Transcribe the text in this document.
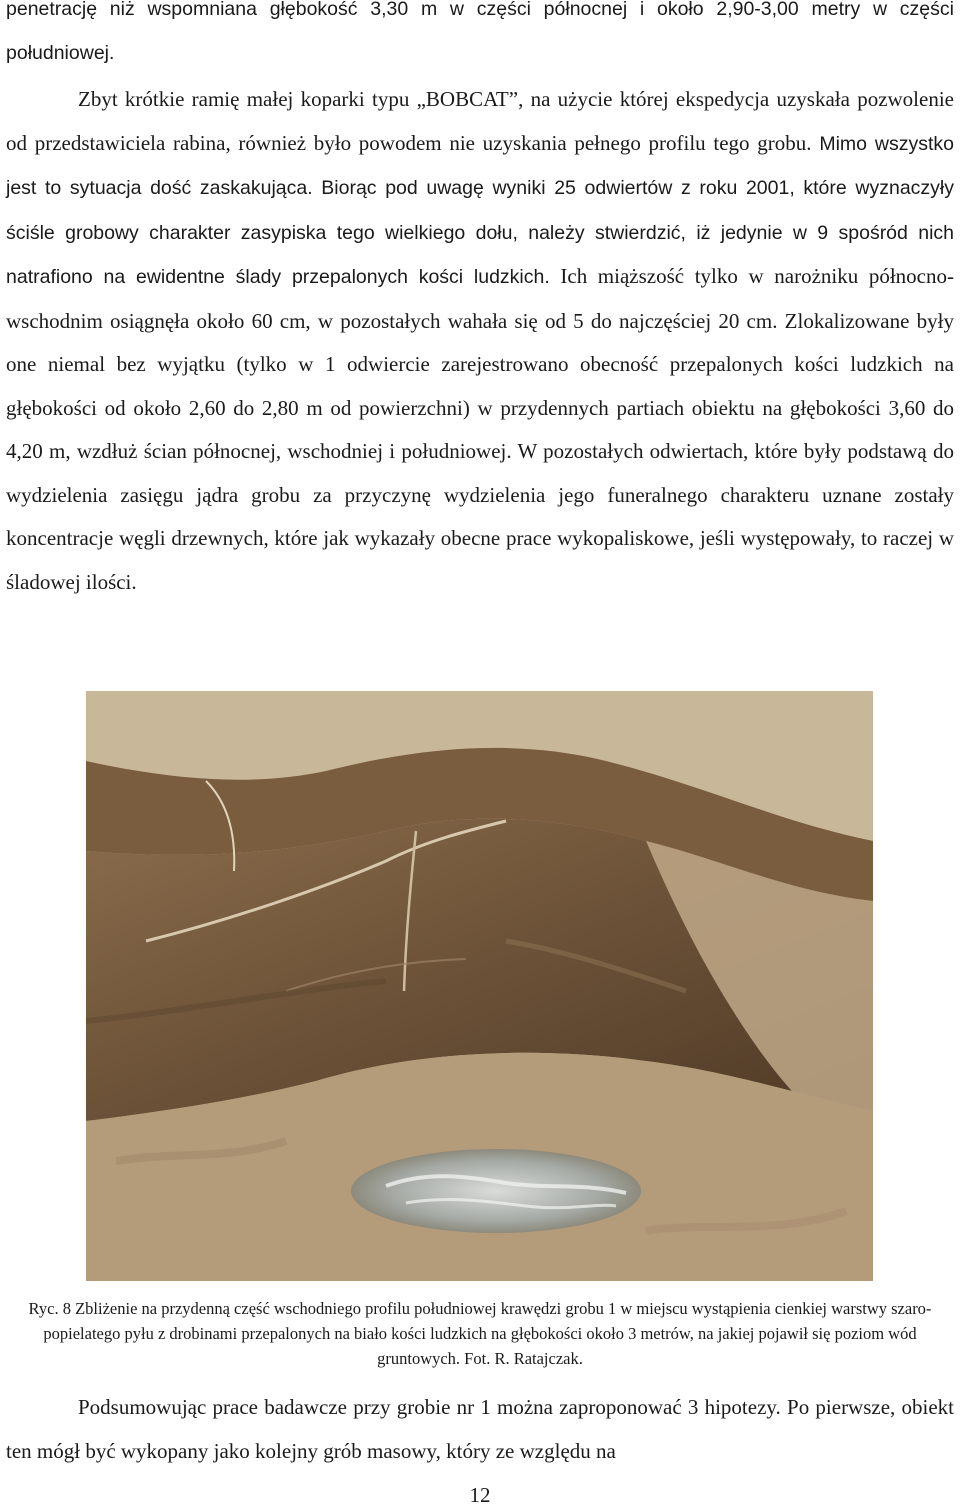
penetrację niż wspomniana głębokość 3,30 m w części północnej i około 2,90-3,00 metry w części południowej.

Zbyt krótkie ramię małej koparki typu „BOBCAT”, na użycie której ekspedycja uzyskała pozwolenie od przedstawiciela rabina, również było powodem nie uzyskania pełnego profilu tego grobu. Mimo wszystko jest to sytuacja dość zaskakująca. Biorąc pod uwagę wyniki 25 odwiertów z roku 2001, które wyznaczyły ściśle grobowy charakter zasypiska tego wielkiego dołu, należy stwierdzić, iż jedynie w 9 spośród nich natrafiono na ewidentne ślady przepalonych kości ludzkich. Ich miąższość tylko w narożniku północno-wschodnim osiągnęła około 60 cm, w pozostałych wahała się od 5 do najczęściej 20 cm. Zlokalizowane były one niemal bez wyjątku (tylko w 1 odwiercie zarejestrowano obecność przepalonych kości ludzkich na głębokości od około 2,60 do 2,80 m od powierzchni) w przydennych partiach obiektu na głębokości 3,60 do 4,20 m, wzdłuż ścian północnej, wschodniej i południowej. W pozostałych odwiertach, które były podstawą do wydzielenia zasięgu jądra grobu za przyczynę wydzielenia jego funeralnego charakteru uznane zostały koncentracje węgli drzewnych, które jak wykazały obecne prace wykopaliskowe, jeśli występowały, to raczej w śladowej ilości.

Ryc. 8 Zbliżenie na przydenną część wschodniego profilu południowej krawędzi grobu 1 w miejscu wystąpienia cienkiej warstwy szaro-popielatego pyłu z drobinami przepalonych na biało kości ludzkich na głębokości około 3 metrów, na jakiej pojawił się poziom wód gruntowych. Fot. R. Ratajczak.

Podsumowując prace badawcze przy grobie nr 1 można zaproponować 3 hipotezy. Po pierwsze, obiekt ten mógł być wykopany jako kolejny grób masowy, który ze względu na

12
